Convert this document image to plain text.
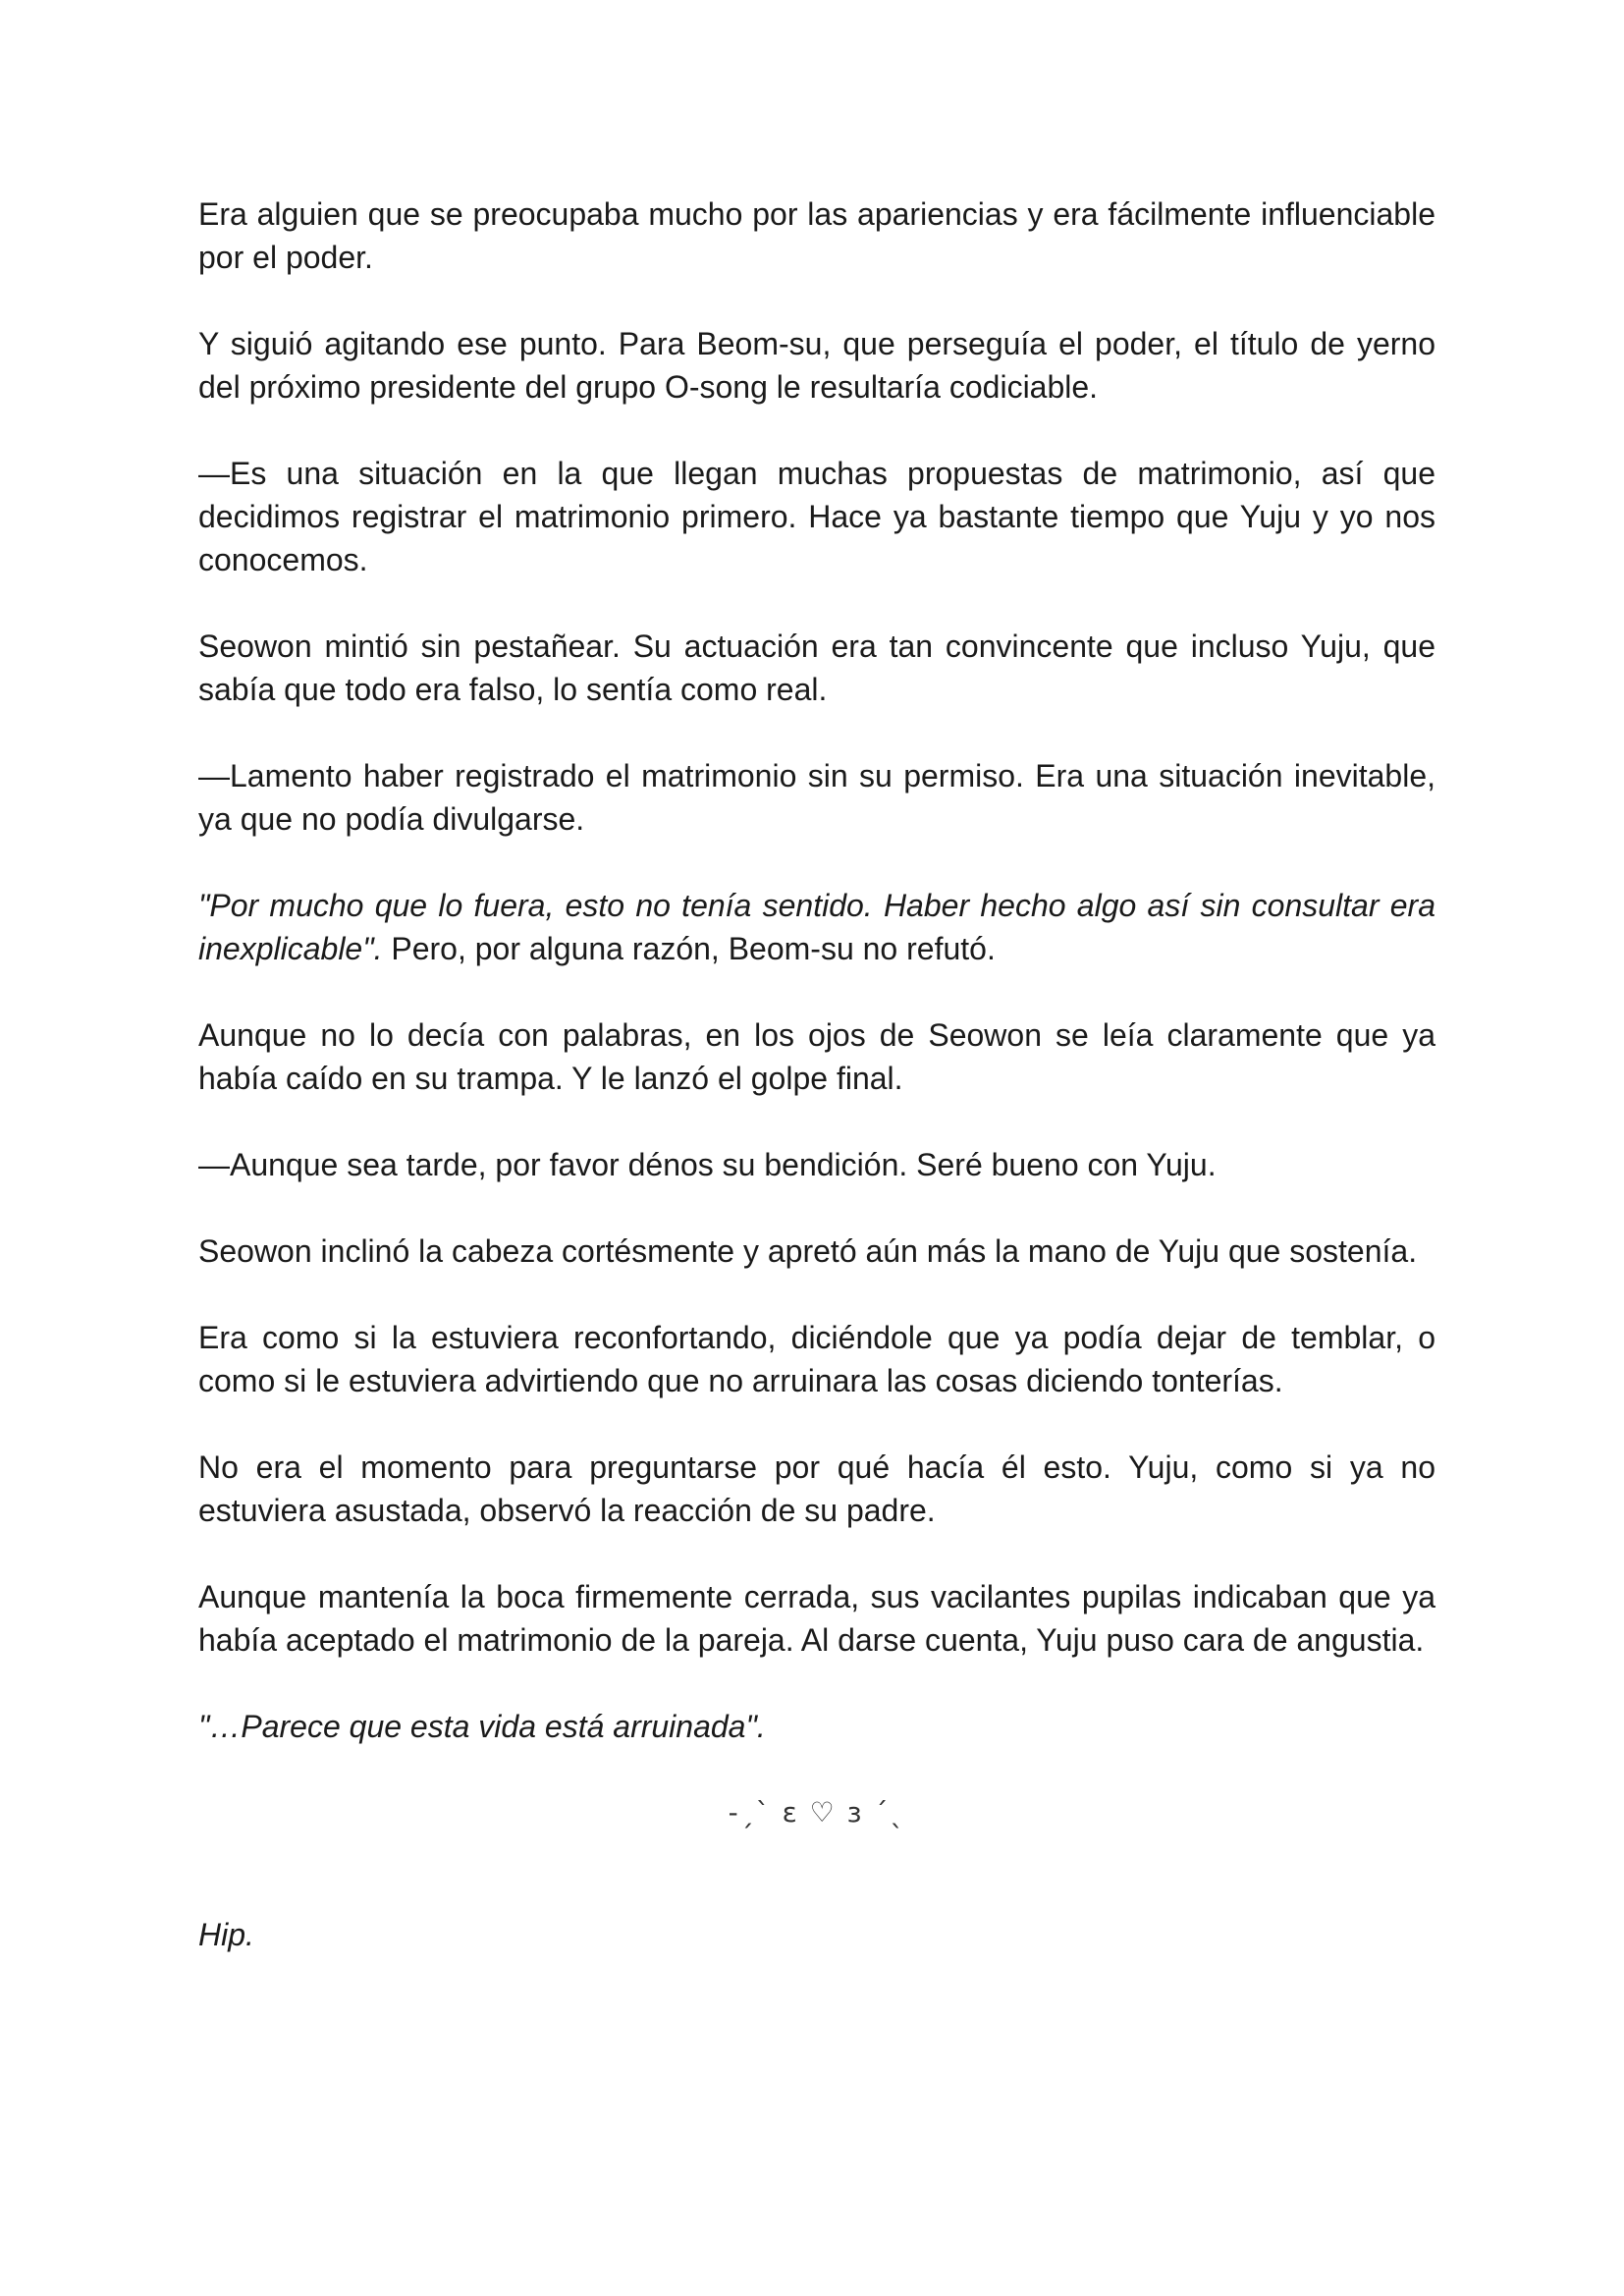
Era alguien que se preocupaba mucho por las apariencias y era fácilmente influenciable por el poder.

Y siguió agitando ese punto. Para Beom-su, que perseguía el poder, el título de yerno del próximo presidente del grupo O-song le resultaría codiciable.

—Es una situación en la que llegan muchas propuestas de matrimonio, así que decidimos registrar el matrimonio primero. Hace ya bastante tiempo que Yuju y yo nos conocemos.

Seowon mintió sin pestañear. Su actuación era tan convincente que incluso Yuju, que sabía que todo era falso, lo sentía como real.

—Lamento haber registrado el matrimonio sin su permiso. Era una situación inevitable, ya que no podía divulgarse.

"Por mucho que lo fuera, esto no tenía sentido. Haber hecho algo así sin consultar era inexplicable". Pero, por alguna razón, Beom-su no refutó.

Aunque no lo decía con palabras, en los ojos de Seowon se leía claramente que ya había caído en su trampa. Y le lanzó el golpe final.

—Aunque sea tarde, por favor dénos su bendición. Seré bueno con Yuju.

Seowon inclinó la cabeza cortésmente y apretó aún más la mano de Yuju que sostenía.

Era como si la estuviera reconfortando, diciéndole que ya podía dejar de temblar, o como si le estuviera advirtiendo que no arruinara las cosas diciendo tonterías.

No era el momento para preguntarse por qué hacía él esto. Yuju, como si ya no estuviera asustada, observó la reacción de su padre.

Aunque mantenía la boca firmemente cerrada, sus vacilantes pupilas indicaban que ya había aceptado el matrimonio de la pareja. Al darse cuenta, Yuju puso cara de angustia.

"…Parece que esta vida está arruinada".

-ˏˋ ε ♡ з ˊˎ

Hip.
